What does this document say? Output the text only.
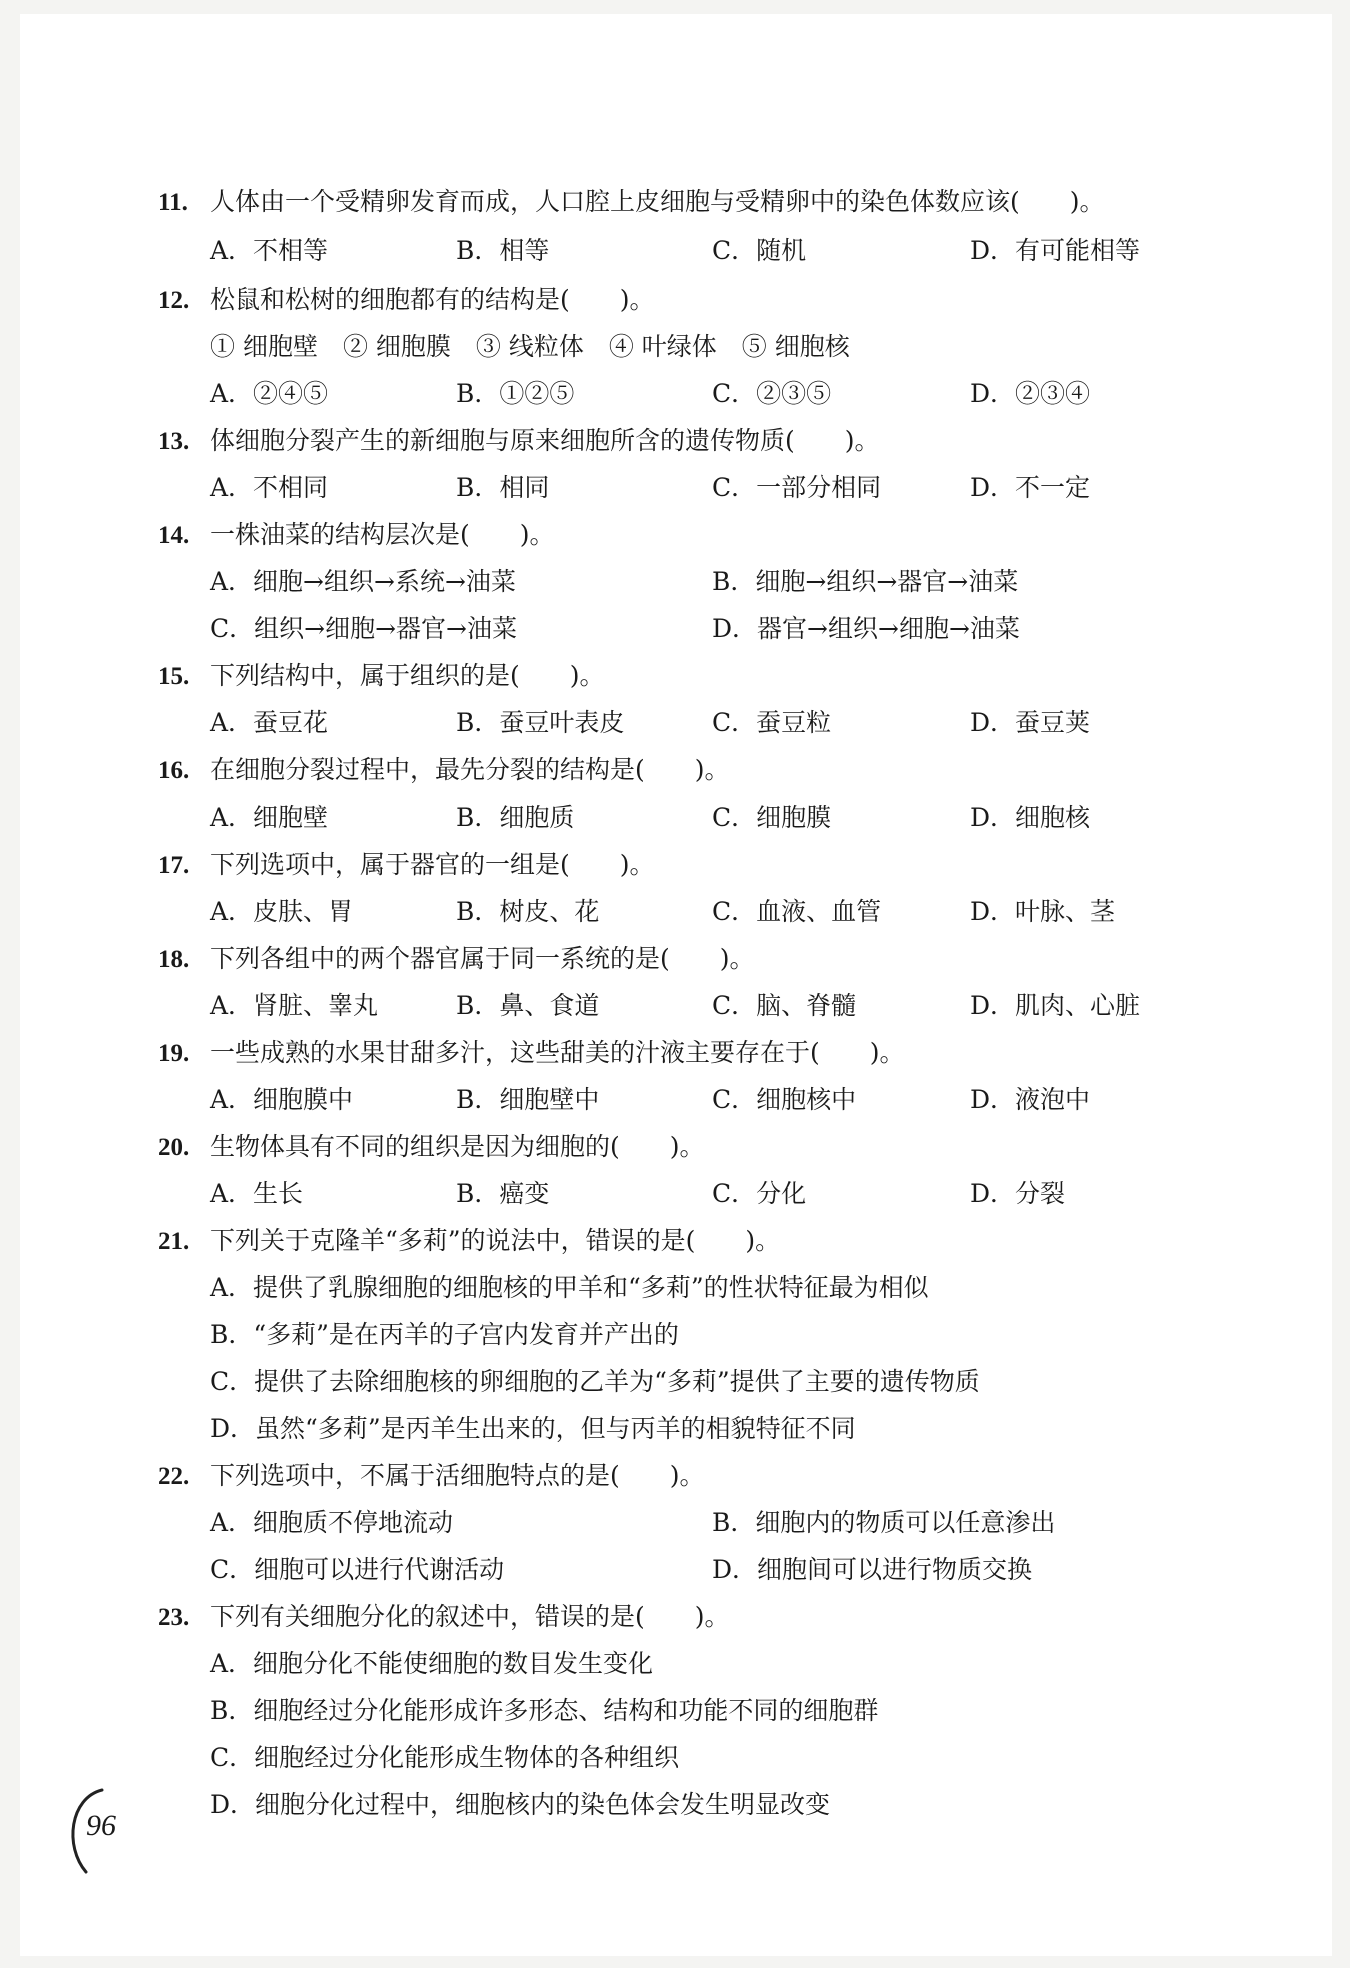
11. 人体由一个受精卵发育而成，人口腔上皮细胞与受精卵中的染色体数应该(　　)。
A．不相等	B．相等	C．随机	D．有可能相等
12. 松鼠和松树的细胞都有的结构是(　　)。
① 细胞壁　② 细胞膜　③ 线粒体　④ 叶绿体　⑤ 细胞核
A．②④⑤	B．①②⑤	C．②③⑤	D．②③④
13. 体细胞分裂产生的新细胞与原来细胞所含的遗传物质(　　)。
A．不相同	B．相同	C．一部分相同	D．不一定
14. 一株油菜的结构层次是(　　)。
A．细胞→组织→系统→油菜	B．细胞→组织→器官→油菜
C．组织→细胞→器官→油菜	D．器官→组织→细胞→油菜
15. 下列结构中，属于组织的是(　　)。
A．蚕豆花	B．蚕豆叶表皮	C．蚕豆粒	D．蚕豆荚
16. 在细胞分裂过程中，最先分裂的结构是(　　)。
A．细胞壁	B．细胞质	C．细胞膜	D．细胞核
17. 下列选项中，属于器官的一组是(　　)。
A．皮肤、胃	B．树皮、花	C．血液、血管	D．叶脉、茎
18. 下列各组中的两个器官属于同一系统的是(　　)。
A．肾脏、睾丸	B．鼻、食道	C．脑、脊髓	D．肌肉、心脏
19. 一些成熟的水果甘甜多汁，这些甜美的汁液主要存在于(　　)。
A．细胞膜中	B．细胞壁中	C．细胞核中	D．液泡中
20. 生物体具有不同的组织是因为细胞的(　　)。
A．生长	B．癌变	C．分化	D．分裂
21. 下列关于克隆羊“多莉”的说法中，错误的是(　　)。
A．提供了乳腺细胞的细胞核的甲羊和“多莉”的性状特征最为相似
B．“多莉”是在丙羊的子宫内发育并产出的
C．提供了去除细胞核的卵细胞的乙羊为“多莉”提供了主要的遗传物质
D．虽然“多莉”是丙羊生出来的，但与丙羊的相貌特征不同
22. 下列选项中，不属于活细胞特点的是(　　)。
A．细胞质不停地流动	B．细胞内的物质可以任意渗出
C．细胞可以进行代谢活动	D．细胞间可以进行物质交换
23. 下列有关细胞分化的叙述中，错误的是(　　)。
A．细胞分化不能使细胞的数目发生变化
B．细胞经过分化能形成许多形态、结构和功能不同的细胞群
C．细胞经过分化能形成生物体的各种组织
D．细胞分化过程中，细胞核内的染色体会发生明显改变
96
